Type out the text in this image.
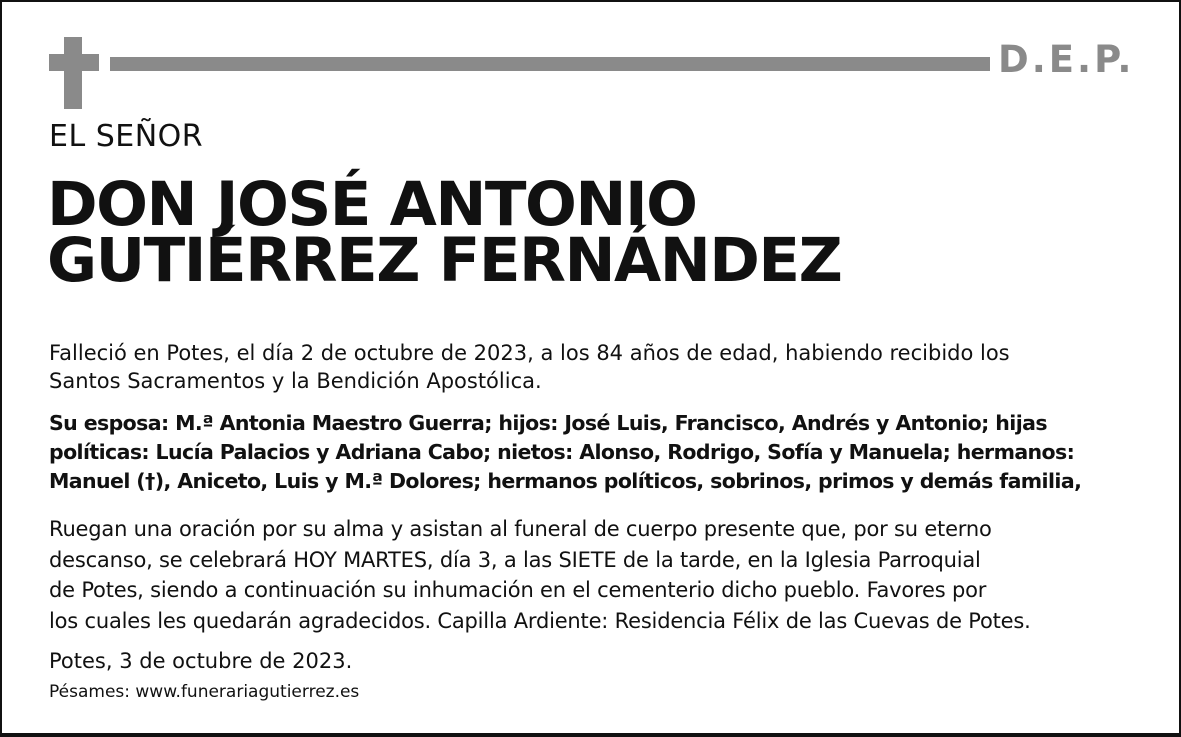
D.E.P.
EL SEÑOR
DON JOSÉ ANTONIO
GUTIÉRREZ FERNÁNDEZ
Falleció en Potes, el día 2 de octubre de 2023, a los 84 años de edad, habiendo recibido los
Santos Sacramentos y la Bendición Apostólica.
Su esposa: M.ª Antonia Maestro Guerra; hijos: José Luis, Francisco, Andrés y Antonio; hijas
políticas: Lucía Palacios y Adriana Cabo; nietos: Alonso, Rodrigo, Sofía y Manuela; hermanos:
Manuel (†), Aniceto, Luis y M.ª Dolores; hermanos políticos, sobrinos, primos y demás familia,
Ruegan una oración por su alma y asistan al funeral de cuerpo presente que, por su eterno
descanso, se celebrará HOY MARTES, día 3, a las SIETE de la tarde, en la Iglesia Parroquial
de Potes, siendo a continuación su inhumación en el cementerio dicho pueblo. Favores por
los cuales les quedarán agradecidos. Capilla Ardiente: Residencia Félix de las Cuevas de Potes.
Potes, 3 de octubre de 2023.
Pésames: www.funerariagutierrez.es
